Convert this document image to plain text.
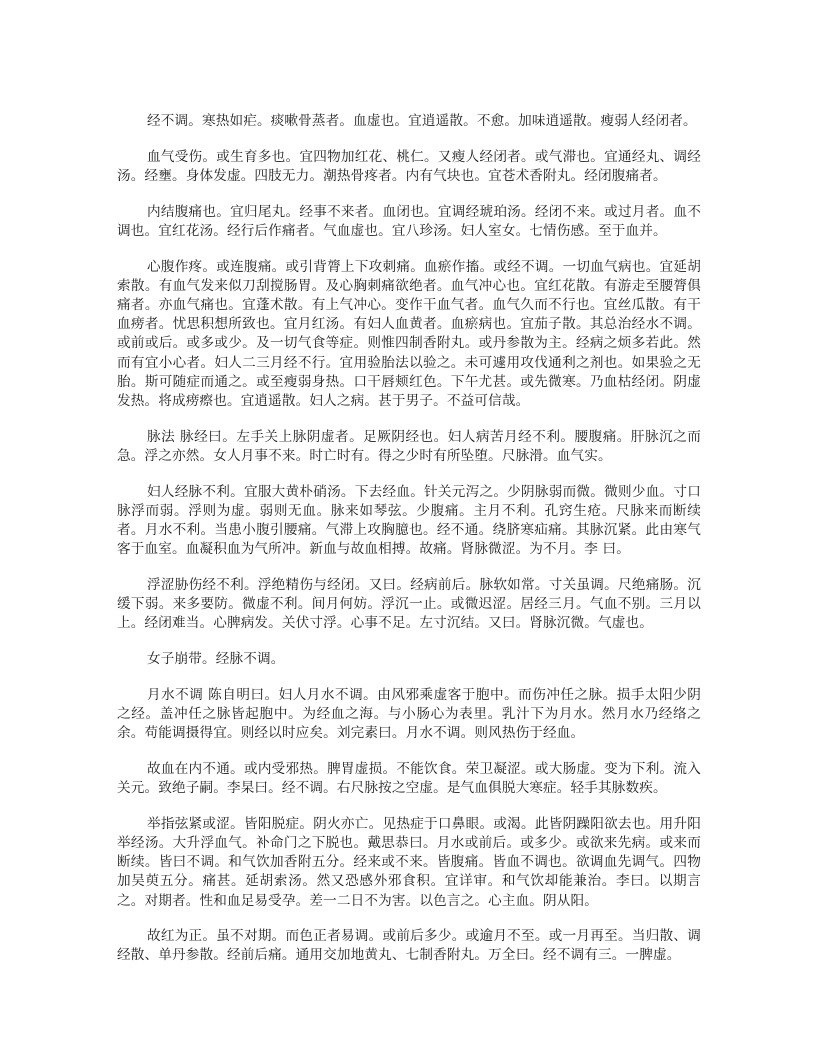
经不调。寒热如疟。痰嗽骨蒸者。血虚也。宜逍遥散。不愈。加味逍遥散。瘦弱人经闭者。

血气受伤。或生育多也。宜四物加红花、桃仁。又瘦人经闭者。或气滞也。宜通经丸、调经汤。经壅。身体发虚。四肢无力。潮热骨疼者。内有气块也。宜苍术香附丸。经闭腹痛者。

内结腹痛也。宜归尾丸。经事不来者。血闭也。宜调经琥珀汤。经闭不来。或过月者。血不调也。宜红花汤。经行后作痛者。气血虚也。宜八珍汤。妇人室女。七情伤感。至于血并。

心腹作疼。或连腹痛。或引背膂上下攻刺痛。血瘀作搐。或经不调。一切血气病也。宜延胡索散。有血气发来似刀刮搅肠胃。及心胸刺痛欲绝者。血气冲心也。宜红花散。有游走至腰膂俱痛者。亦血气痛也。宜蓬术散。有上气冲心。变作干血气者。血气久而不行也。宜丝瓜散。有干血痨者。忧思积想所致也。宜月红汤。有妇人血黄者。血瘀病也。宜茄子散。其总治经水不调。或前或后。或多或少。及一切气食等症。则惟四制香附丸。或丹参散为主。经病之烦多若此。然而有宜小心者。妇人二三月经不行。宜用验胎法以验之。未可遽用攻伐通利之剂也。如果验之无胎。斯可随症而通之。或至瘦弱身热。口干唇颊红色。下午尤甚。或先微寒。乃血枯经闭。阴虚发热。将成痨瘵也。宜逍遥散。妇人之病。甚于男子。不益可信哉。

脉法 脉经曰。左手关上脉阴虚者。足厥阴经也。妇人病苦月经不利。腰腹痛。肝脉沉之而急。浮之亦然。女人月事不来。时亡时有。得之少时有所坠堕。尺脉滑。血气实。

妇人经脉不利。宜服大黄朴硝汤。下去经血。针关元泻之。少阴脉弱而微。微则少血。寸口脉浮而弱。浮则为虚。弱则无血。脉来如琴弦。少腹痛。主月不利。孔窍生疮。尺脉来而断续者。月水不利。当患小腹引腰痛。气滞上攻胸臆也。经不通。绕脐寒疝痛。其脉沉紧。此由寒气客于血室。血凝积血为气所冲。新血与故血相搏。故痛。肾脉微涩。为不月。李 曰。

浮涩胁伤经不利。浮绝精伤与经闭。又曰。经病前后。脉软如常。寸关虽调。尺绝痛肠。沉缓下弱。来多要防。微虚不利。间月何妨。浮沉一止。或微迟涩。居经三月。气血不别。三月以上。经闭难当。心脾病发。关伏寸浮。心事不足。左寸沉结。又曰。肾脉沉微。气虚也。

女子崩带。经脉不调。

月水不调 陈自明曰。妇人月水不调。由风邪乘虚客于胞中。而伤冲任之脉。损手太阳少阴之经。盖冲任之脉皆起胞中。为经血之海。与小肠心为表里。乳汁下为月水。然月水乃经络之余。苟能调摄得宜。则经以时应矣。刘完素曰。月水不调。则风热伤于经血。

故血在内不通。或内受邪热。脾胃虚损。不能饮食。荣卫凝涩。或大肠虚。变为下利。流入关元。致绝子嗣。李杲曰。经不调。右尺脉按之空虚。是气血俱脱大寒症。轻手其脉数疾。

举指弦紧或涩。皆阳脱症。阴火亦亡。见热症于口鼻眼。或渴。此皆阴躁阳欲去也。用升阳举经汤。大升浮血气。补命门之下脱也。戴思恭曰。月水或前后。或多少。或欲来先病。或来而断续。皆曰不调。和气饮加香附五分。经来或不来。皆腹痛。皆血不调也。欲调血先调气。四物加吴萸五分。痛甚。延胡索汤。然又恐感外邪食积。宜详审。和气饮却能兼治。李曰。以期言之。对期者。性和血足易受孕。差一二日不为害。以色言之。心主血。阴从阳。

故红为正。虽不对期。而色正者易调。或前后多少。或逾月不至。或一月再至。当归散、调经散、单丹参散。经前后痛。通用交加地黄丸、七制香附丸。万全曰。经不调有三。一脾虚。
